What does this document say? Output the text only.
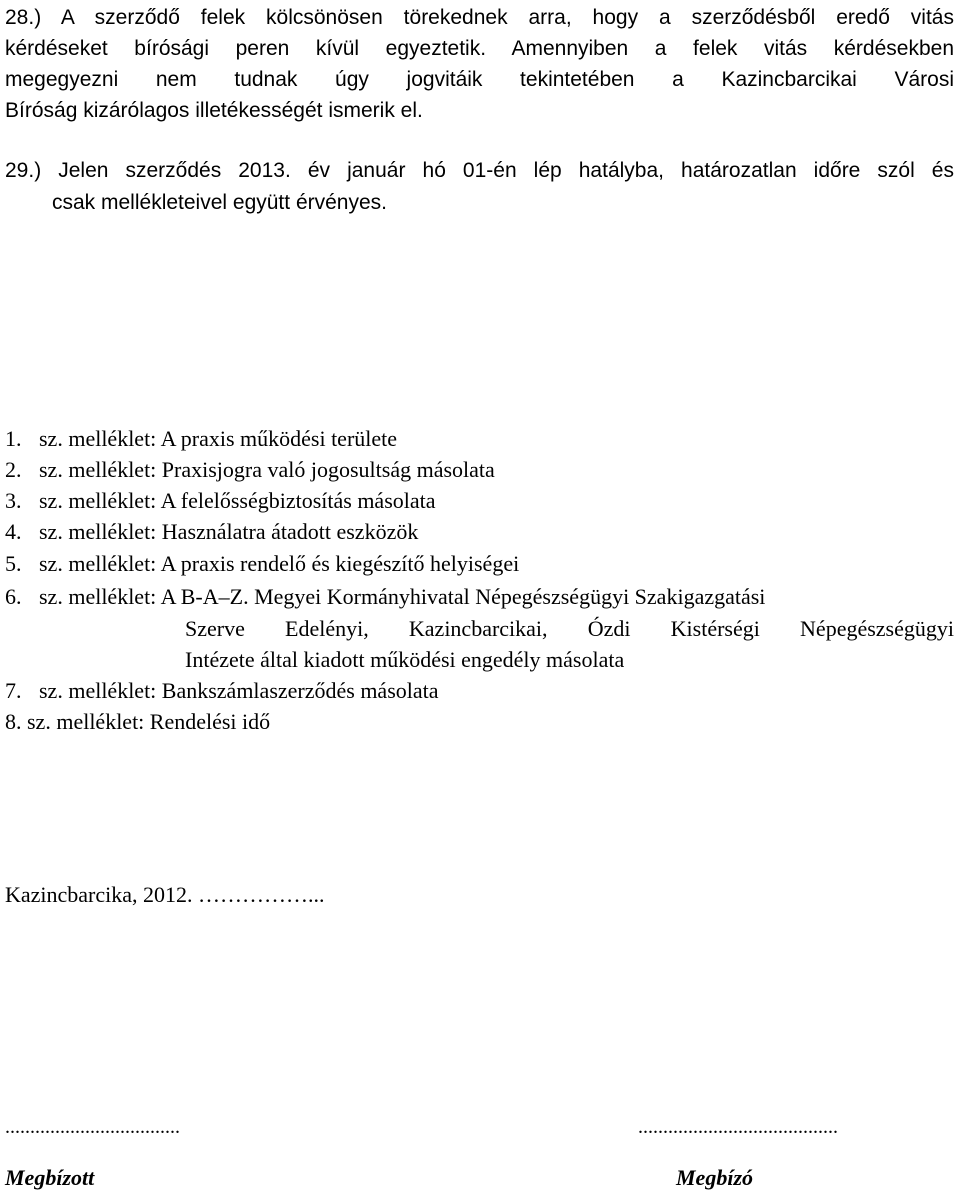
28.) A szerződő felek kölcsönösen törekednek arra, hogy a szerződésből eredő vitás
kérdéseket bírósági peren kívül egyeztetik. Amennyiben a felek vitás kérdésekben
megegyezni nem tudnak úgy jogvitáik tekintetében a Kazincbarcikai Városi
Bíróság kizárólagos illetékességét ismerik el.
29.) Jelen szerződés 2013. év január hó 01-én lép hatályba, határozatlan időre szól és
csak mellékleteivel együtt érvényes.
1. sz. melléklet: A praxis működési területe
2. sz. melléklet: Praxisjogra való jogosultság másolata
3. sz. melléklet: A felelősségbiztosítás másolata
4. sz. melléklet: Használatra átadott eszközök
5. sz. melléklet: A praxis rendelő és kiegészítő helyiségei
6. sz. melléklet: A B-A–Z. Megyei Kormányhivatal Népegészségügyi Szakigazgatási
Szerve Edelényi, Kazincbarcikai, Ózdi Kistérségi Népegészségügyi
Intézete által kiadott működési engedély másolata
7. sz. melléklet: Bankszámlaszerződés másolata
8. sz. melléklet: Rendelési idő
Kazincbarcika, 2012. ……………...
...................................	........................................
Megbízott	Megbízó
